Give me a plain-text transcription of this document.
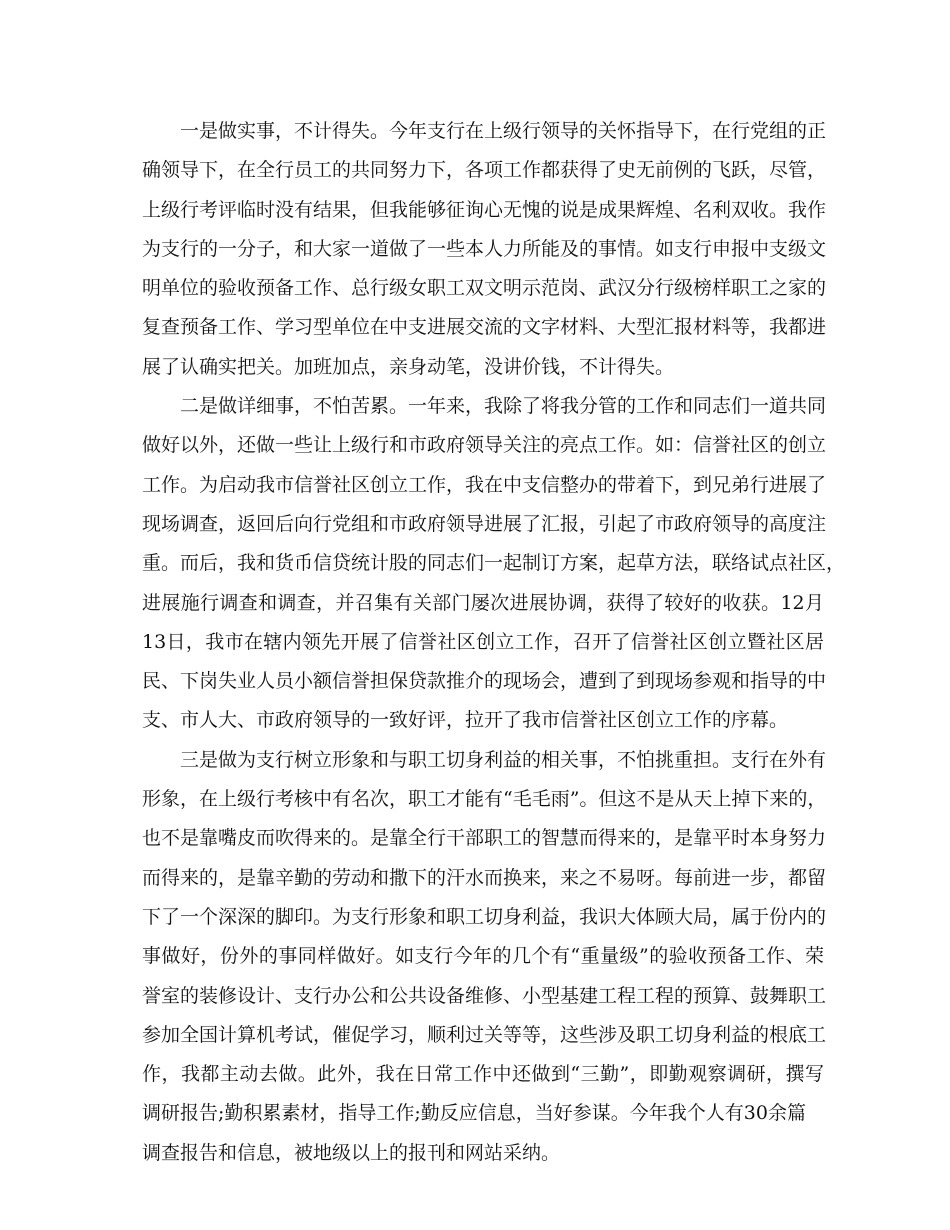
一是做实事，不计得失。今年支行在上级行领导的关怀指导下，在行党组的正
确领导下，在全行员工的共同努力下，各项工作都获得了史无前例的飞跃，尽管，
上级行考评临时没有结果，但我能够征询心无愧的说是成果辉煌、名利双收。我作
为支行的一分子，和大家一道做了一些本人力所能及的事情。如支行申报中支级文
明单位的验收预备工作、总行级女职工双文明示范岗、武汉分行级榜样职工之家的
复查预备工作、学习型单位在中支进展交流的文字材料、大型汇报材料等，我都进
展了认确实把关。加班加点，亲身动笔，没讲价钱，不计得失。
二是做详细事，不怕苦累。一年来，我除了将我分管的工作和同志们一道共同
做好以外，还做一些让上级行和市政府领导关注的亮点工作。如：信誉社区的创立
工作。为启动我市信誉社区创立工作，我在中支信整办的带着下，到兄弟行进展了
现场调查，返回后向行党组和市政府领导进展了汇报，引起了市政府领导的高度注
重。而后，我和货币信贷统计股的同志们一起制订方案，起草方法，联络试点社区，
进展施行调查和调查，并召集有关部门屡次进展协调，获得了较好的收获。12月
13日，我市在辖内领先开展了信誉社区创立工作，召开了信誉社区创立暨社区居
民、下岗失业人员小额信誉担保贷款推介的现场会，遭到了到现场参观和指导的中
支、市人大、市政府领导的一致好评，拉开了我市信誉社区创立工作的序幕。
三是做为支行树立形象和与职工切身利益的相关事，不怕挑重担。支行在外有
形象，在上级行考核中有名次，职工才能有“毛毛雨”。但这不是从天上掉下来的，
也不是靠嘴皮而吹得来的。是靠全行干部职工的智慧而得来的，是靠平时本身努力
而得来的，是靠辛勤的劳动和撒下的汗水而换来，来之不易呀。每前进一步，都留
下了一个深深的脚印。为支行形象和职工切身利益，我识大体顾大局，属于份内的
事做好，份外的事同样做好。如支行今年的几个有“重量级”的验收预备工作、荣
誉室的装修设计、支行办公和公共设备维修、小型基建工程工程的预算、鼓舞职工
参加全国计算机考试，催促学习，顺利过关等等，这些涉及职工切身利益的根底工
作，我都主动去做。此外，我在日常工作中还做到“三勤”，即勤观察调研，撰写
调研报告;勤积累素材，指导工作;勤反应信息，当好参谋。今年我个人有30余篇
调查报告和信息，被地级以上的报刊和网站采纳。
